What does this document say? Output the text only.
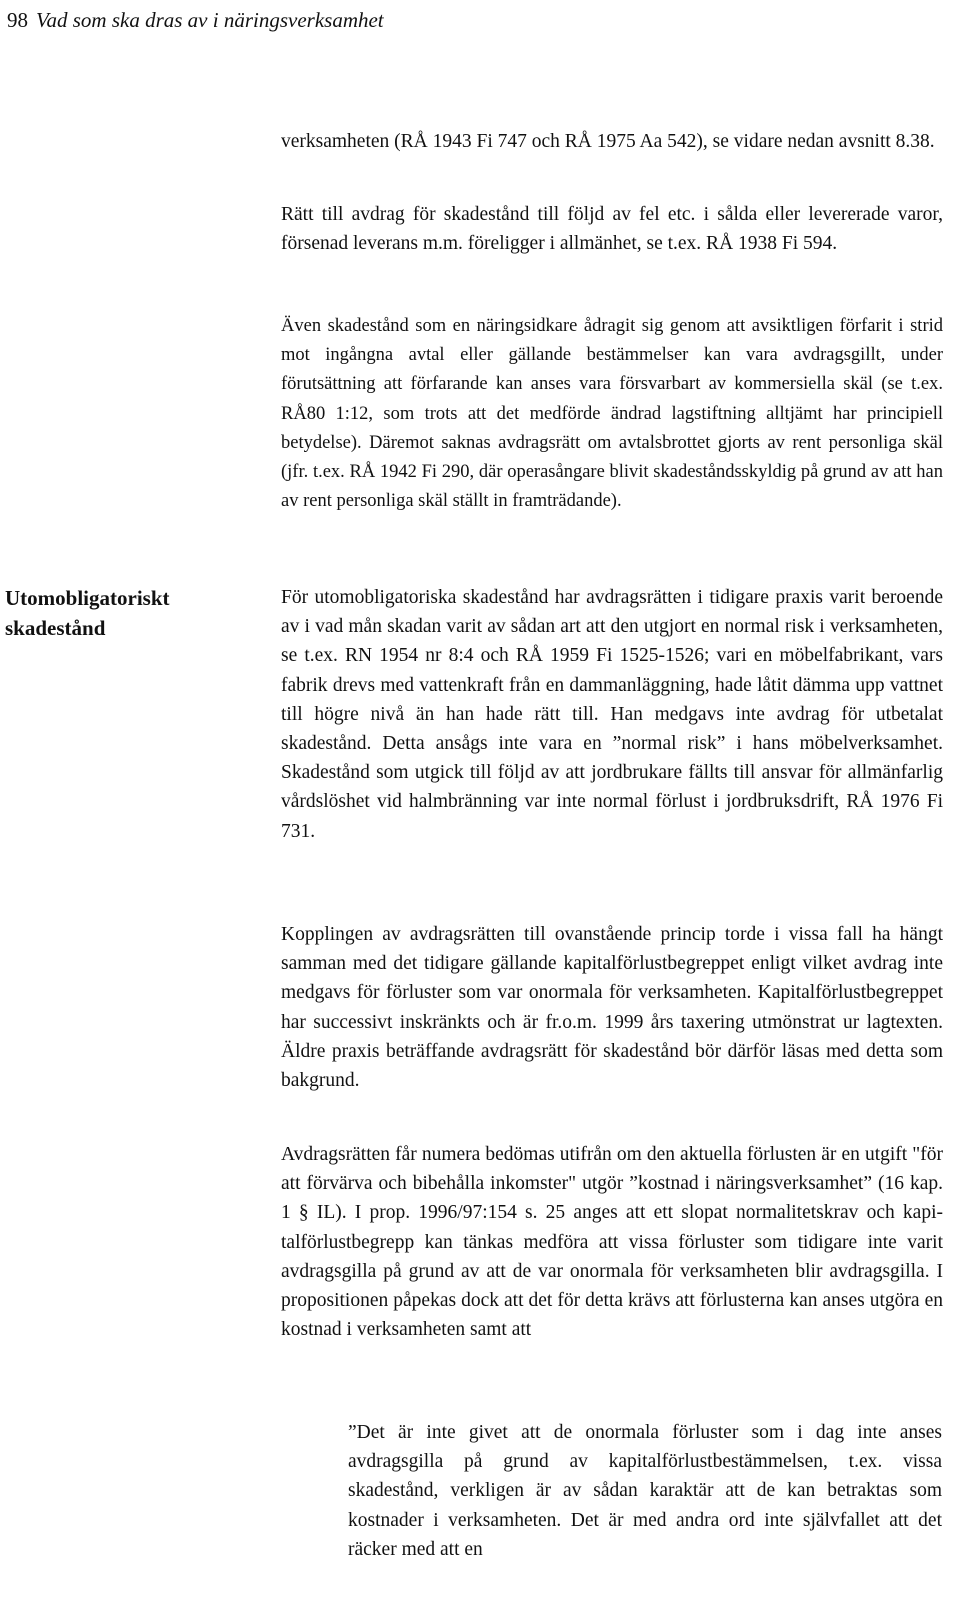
98 Vad som ska dras av i näringsverksamhet
Utomobligatoriskt skadestånd

verksamheten (RÅ 1943 Fi 747 och RÅ 1975 Aa 542), se vidare nedan avsnitt 8.38.

Rätt till avdrag för skadestånd till följd av fel etc. i sålda eller levererade varor, försenad leverans m.m. föreligger i allmänhet, se t.ex. RÅ 1938 Fi 594.

Även skadestånd som en näringsidkare ådragit sig genom att avsiktligen förfarit i strid mot ingångna avtal eller gällande bestämmelser kan vara avdragsgillt, under förutsättning att förfarande kan anses vara försvarbart av kommersiella skäl (se t.ex. RÅ80 1:12, som trots att det medförde ändrad lagstiftning alltjämt har principiell betydelse). Däremot saknas avdragsrätt om avtalsbrottet gjorts av rent personliga skäl (jfr. t.ex. RÅ 1942 Fi 290, där operasångare blivit skadeståndsskyldig på grund av att han av rent personliga skäl ställt in framträdande).

För utomobligatoriska skadestånd har avdragsrätten i tidigare praxis varit beroende av i vad mån skadan varit av sådan art att den utgjort en normal risk i verksamheten, se t.ex. RN 1954 nr 8:4 och RÅ 1959 Fi 1525-1526; vari en möbelfabrikant, vars fabrik drevs med vattenkraft från en dammanläggning, hade låtit dämma upp vattnet till högre nivå än han hade rätt till. Han medgavs inte avdrag för utbetalat skadestånd. Detta ansågs inte vara en ”normal risk” i hans möbelverksamhet. Skadestånd som utgick till följd av att jordbrukare fällts till ansvar för allmänfarlig vårdslöshet vid halmbränning var inte normal förlust i jordbruksdrift, RÅ 1976 Fi 731.

Kopplingen av avdragsrätten till ovanstående princip torde i vissa fall ha hängt samman med det tidigare gällande kapitalförlustbegreppet enligt vilket avdrag inte medgavs för förluster som var onormala för verksamheten. Kapitalförlustbegreppet har successivt inskränkts och är fr.o.m. 1999 års taxering utmönstrat ur lagtexten. Äldre praxis beträffande avdragsrätt för skadestånd bör därför läsas med detta som bakgrund.

Avdragsrätten får numera bedömas utifrån om den aktuella förlusten är en utgift "för att förvärva och bibehålla inkomster" utgör ”kostnad i näringsverksamhet” (16 kap. 1 § IL). I prop. 1996/97:154 s. 25 anges att ett slopat normalitetskrav och kapitalförlustbegrepp kan tänkas medföra att vissa förluster som tidigare inte varit avdragsgilla på grund av att de var onormala för verksamheten blir avdragsgilla. I propositionen påpekas dock att det för detta krävs att förlusterna kan anses utgöra en kostnad i verksamheten samt att

”Det är inte givet att de onormala förluster som i dag inte anses avdragsgilla på grund av kapitalförlustbestämmelsen, t.ex. vissa skadestånd, verkligen är av sådan karaktär att de kan betraktas som kostnader i verksamheten. Det är med andra ord inte självfallet att det räcker med att en
